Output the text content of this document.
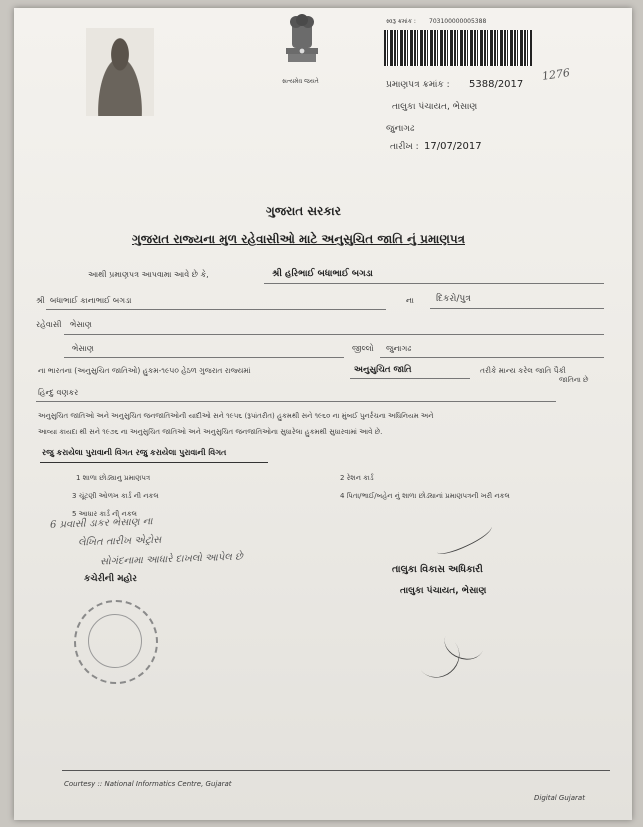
સત્યમેવ જયતે
સ્વરૂ ક્રમાંક : 703100000005388
પ્રમાણપત્ર ક્રમાંક : 5388/2017
1276
તાલુકા પંચાયત, ભેસાણ
જુનાગઢ
તારીખ : 17/07/2017
ગુજરાત સરકાર
ગુજરાત રાજ્યના મુળ રહેવાસીઓ માટે અનુસુચિત જાતિ નું પ્રમાણપત્ર
આથી પ્રમાણપત્ર આપવામા આવે છે કે,	શ્રી હરિભાઈ બધાભાઈ બગડા
શ્રી બધાભાઈ કાનાભાઈ બગડા	ના દિકરો/પુત્ર
રહેવાસી ભેસાણ
ભેસાણ	જીલ્લો જુનાગઢ
ના ભારતના (અનુસુચિત જાતિઓ) હુકમ-૧૯૫૦ હેઠળ ગુજરાત રાજ્યમાં	અનુસુચિત જાતિ	તરીકે માન્ય કરેલ જાતિ પૈકી
હિન્દુ વણકર
જાતિના છે
અનુસુચિત જાતિઓ અને અનુસુચિત જનજાતિઓની યાદીઓ સને ૧૯૫૬ (રૂપાંતરીત) હુકમથી સને ૧૯૬૦ ના મુંબઈ પુનર્રચના અધિનિયમ અને
આવ્યા કાયદા થી સને ૧૯૭૬ ના અનુસુચિત જાતિઓ અને અનુસુચિત જનજાતિઓના સુધારેલા હુકમથી સુધારવામાં આવે છે.
રજુ કરાયેલા પુરાવાની વિગત રજુ કરાયેલા પુરાવાની વિગત
1 શાળા છોડ્યાનુ પ્રમાણપત્ર	2 રેશન કાર્ડ
3 ચૂંટણી ઓળખ કાર્ડ ની નકલ	4 પિતા/ભાઈ/બહેન નું શાળા છોડ્યાનાં પ્રમાણપત્રની ખરી નકલ
5 આધાર કાર્ડ ની નકલ
6 પ્રવાસી ડાકર ભેસાણ ના
લેખિત તારીખ એટ્રોસ
સોગંદનામા આધારે દાખલો આપેલ છે
કચેરીની મહોર
તાલુકા વિકાસ અધિકારી
તાલુકા પંચાયત, ભેસાણ
Courtesy :: National Informatics Centre, Gujarat
Digital Gujarat
